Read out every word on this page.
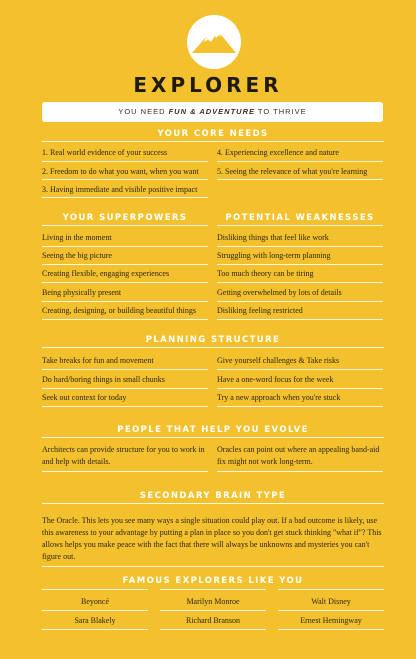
EXPLORER
YOU NEED FUN & ADVENTURE TO THRIVE
YOUR CORE NEEDS
1. Real world evidence of your success
2. Freedom to do what you want, when you want
3. Having immediate and visible positive impact
4. Experiencing excellence and nature
5. Seeing the relevance of what you're learning
YOUR SUPERPOWERS
Living in the moment
Seeing the big picture
Creating flexible, engaging experiences
Being physically present
Creating, designing, or building beautiful things
POTENTIAL WEAKNESSES
Disliking things that feel like work
Struggling with long-term planning
Too much theory can be tiring
Getting overwhelmed by lots of details
Disliking feeling restricted
PLANNING STRUCTURE
Take breaks for fun and movement
Do hard/boring things in small chunks
Seek out context for today
Give yourself challenges & Take risks
Have a one-word focus for the week
Try a new approach when you're stuck
PEOPLE THAT HELP YOU EVOLVE
Architects can provide structure for you to work in and help with details.
Oracles can point out where an appealing band-aid fix might not work long-term.
SECONDARY BRAIN TYPE
The Oracle. This lets you see many ways a single situation could play out. If a bad outcome is likely, use this awareness to your advantage by putting a plan in place so you don't get stuck thinking "what if"? This allows helps you make peace with the fact that there will always be unknowns and mysteries you can't figure out.
FAMOUS EXPLORERS LIKE YOU
Beyoncé	Marilyn Monroe	Walt Disney
Sara Blakely	Richard Branson	Ernest Hemingway
